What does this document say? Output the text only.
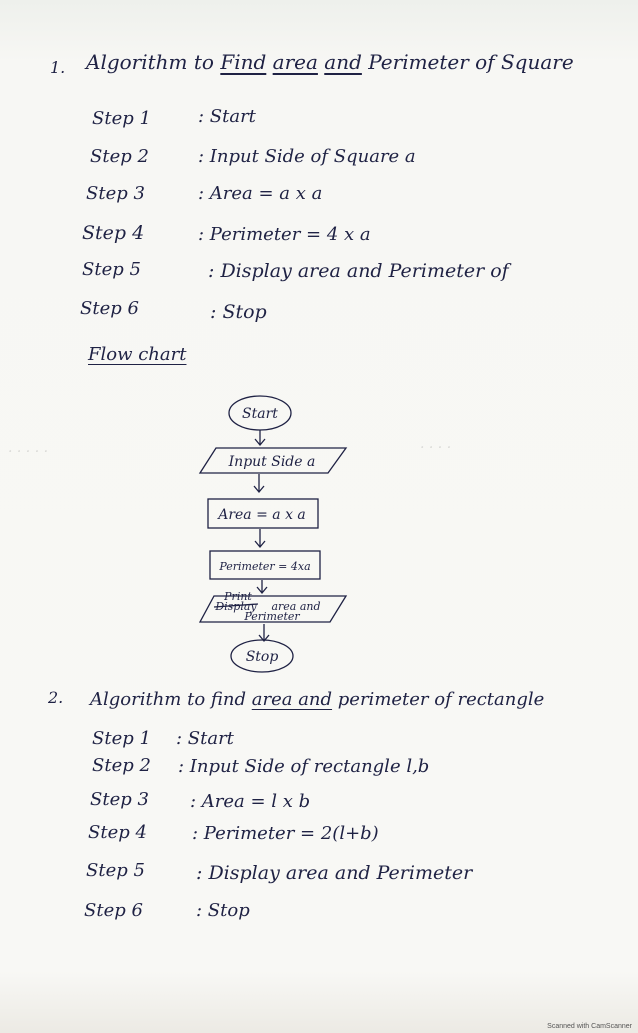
1. Algorithm to Find area and Perimeter of Square
Step 1	: Start
Step 2	: Input Side of Square a
Step 3	: Area = a x a
Step 4	: Perimeter = 4 x a
Step 5	: Display area and Perimeter of
Step 6	: Stop
Flow chart
· · · · ·	· · · ·
Start
Input Side a
Area = a x a
Perimeter = 4xa
Print
Display area and
Perimeter
Stop
2. Algorithm to find area and perimeter of rectangle
Step 1 : Start
Step 2 : Input Side of rectangle l,b
Step 3 : Area = l x b
Step 4	: Perimeter = 2(l+b)
Step 5	: Display area and Perimeter
Step 6	: Stop
Scanned with CamScanner
